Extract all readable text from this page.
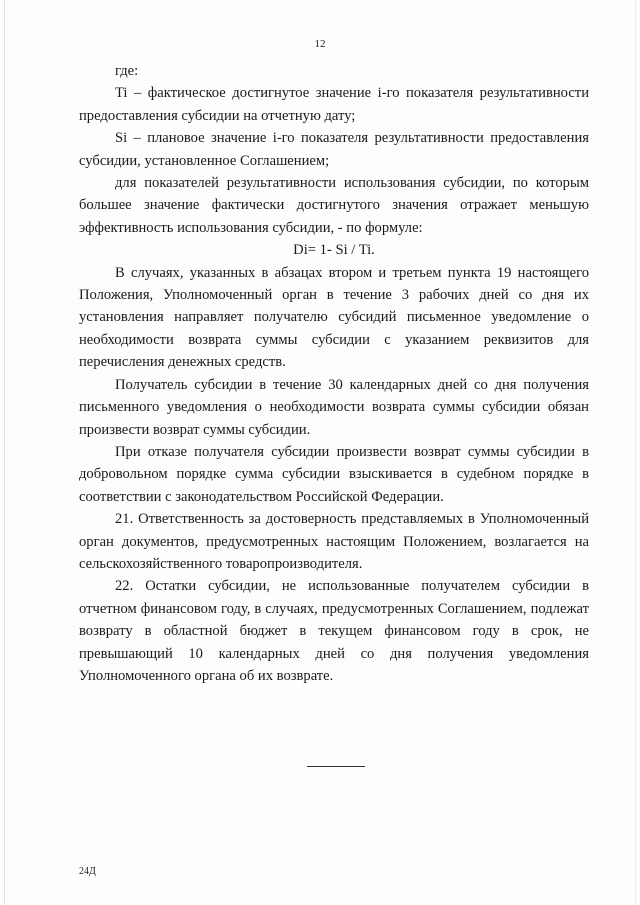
12

где:

Ti – фактическое достигнутое значение i-го показателя результативности предоставления субсидии на отчетную дату;

Si – плановое значение i-го показателя результативности предоставления субсидии, установленное Соглашением;

для показателей результативности использования субсидии, по которым большее значение фактически достигнутого значения отражает меньшую эффективность использования субсидии, - по формуле:

Di= 1- Si / Ti.

В случаях, указанных в абзацах втором и третьем пункта 19 настоящего Положения, Уполномоченный орган в течение 3 рабочих дней со дня их установления направляет получателю субсидий письменное уведомление о необходимости возврата суммы субсидии с указанием реквизитов для перечисления денежных средств.

Получатель субсидии в течение 30 календарных дней со дня получения письменного уведомления о необходимости возврата суммы субсидии обязан произвести возврат суммы субсидии.

При отказе получателя субсидии произвести возврат суммы субсидии в добровольном порядке сумма субсидии взыскивается в судебном порядке в соответствии с законодательством Российской Федерации.

21. Ответственность за достоверность представляемых в Уполномоченный орган документов, предусмотренных настоящим Положением, возлагается на сельскохозяйственного товаропроизводителя.

22. Остатки субсидии, не использованные получателем субсидии в отчетном финансовом году, в случаях, предусмотренных Соглашением, подлежат возврату в областной бюджет в текущем финансовом году в срок, не превышающий 10 календарных дней со дня получения уведомления Уполномоченного органа об их возврате.

24Д
